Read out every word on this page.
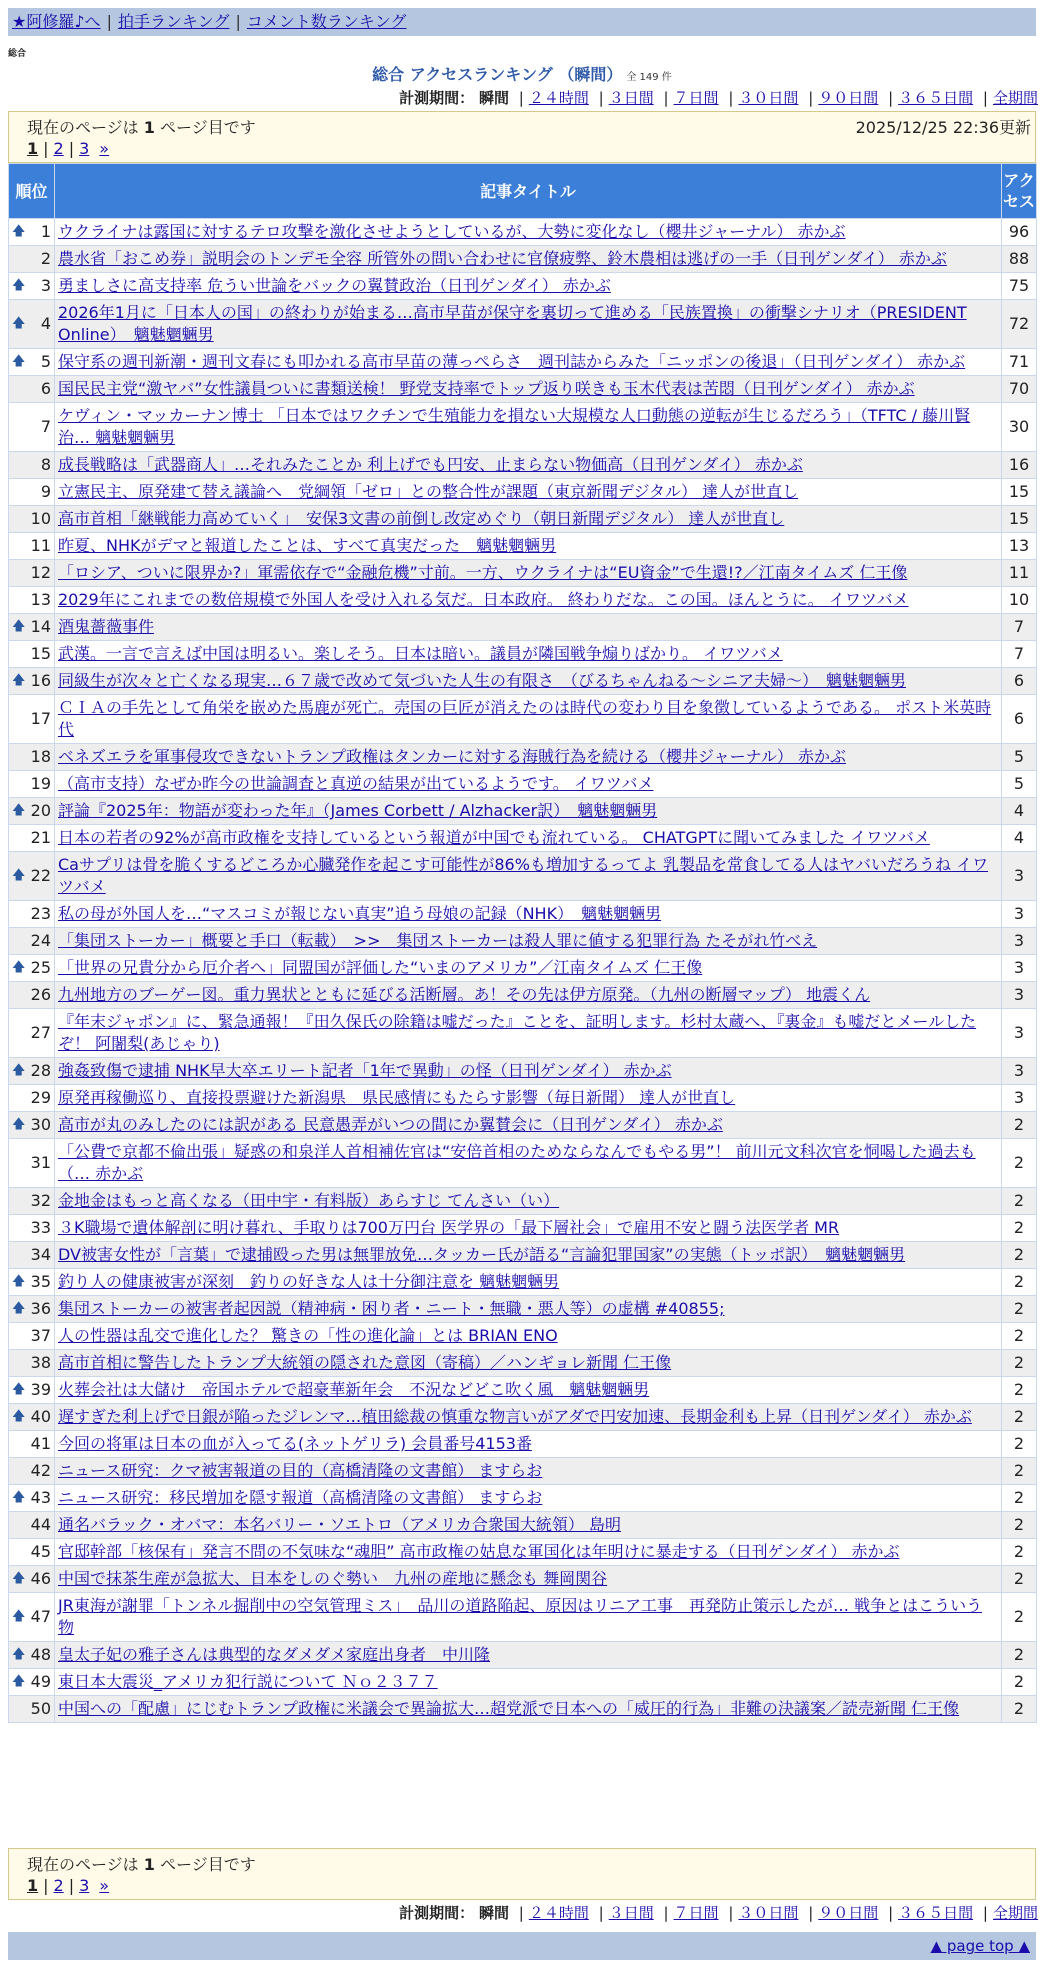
★阿修羅♪へ | 拍手ランキング | コメント数ランキング
総合
総合 アクセスランキング （瞬間） 全 149 件
計測期間： 瞬間 | ２４時間 | ３日間 | ７日間 | ３０日間 | ９０日間 | ３６５日間 | 全期間
現在のページは 1 ページ目です	2025/12/25 22:36更新
1 | 2 | 3 »
順位	記事タイトル	アクセス

🡅 1	ウクライナは露国に対するテロ攻撃を激化させようとしているが、大勢に変化なし（櫻井ジャーナル） 赤かぶ	96
2	農水省「おこめ券」説明会のトンデモ全容 所管外の問い合わせに官僚疲弊、鈴木農相は逃げの一手（日刊ゲンダイ） 赤かぶ	88

🡅 3	勇ましさに高支持率 危うい世論をバックの翼賛政治（日刊ゲンダイ） 赤かぶ	75

🡅 4	2026年1月に「日本人の国」の終わりが始まる…高市早苗が保守を裏切って進める「民族置換」の衝撃シナリオ（PRESIDENT Online）　魑魅魍魎男	72

🡅 5	保守系の週刊新潮・週刊文春にも叩かれる高市早苗の薄っぺらさ　週刊誌からみた「ニッポンの後退」（日刊ゲンダイ） 赤かぶ	71
6	国民民主党“激ヤバ”女性議員ついに書類送検！ 野党支持率でトップ返り咲きも玉木代表は苦悶（日刊ゲンダイ） 赤かぶ	70
7	ケヴィン・マッカーナン博士 「日本ではワクチンで生殖能力を損ない大規模な人口動態の逆転が生じるだろう」（TFTC / 藤川賢治… 魑魅魍魎男	30
8	成長戦略は「武器商人」…それみたことか 利上げでも円安、止まらない物価高（日刊ゲンダイ） 赤かぶ	16
9	立憲民主、原発建て替え議論へ　党綱領「ゼロ」との整合性が課題（東京新聞デジタル） 達人が世直し	15
10	高市首相「継戦能力高めていく」　安保3文書の前倒し改定めぐり（朝日新聞デジタル） 達人が世直し	15
11	昨夏、NHKがデマと報道したことは、すべて真実だった　魑魅魍魎男	13
12	「ロシア、ついに限界か?」軍需依存で“金融危機”寸前。一方、ウクライナは“EU資金”で生還!?／江南タイムズ 仁王像	11
13	2029年にこれまでの数倍規模で外国人を受け入れる気だ。日本政府。 終わりだな。この国。ほんとうに。 イワツバメ	10

🡅 14	酒鬼薔薇事件	7
15	武漢。一言で言えば中国は明るい。楽しそう。日本は暗い。議員が隣国戦争煽りばかり。 イワツバメ	7

🡅 16	同級生が次々と亡くなる現実…６７歳で改めて気づいた人生の有限さ　（びるちゃんねる～シニア夫婦～）　魑魅魍魎男	6
17	ＣＩＡの手先として角栄を嵌めた馬鹿が死亡。売国の巨匠が消えたのは時代の変わり目を象徴しているようである。 ポスト米英時代	6
18	ベネズエラを軍事侵攻できないトランプ政権はタンカーに対する海賊行為を続ける（櫻井ジャーナル） 赤かぶ	5
19	（高市支持）なぜか昨今の世論調査と真逆の結果が出ているようです。 イワツバメ	5

🡅 20	評論『2025年：物語が変わった年』（James Corbett / Alzhacker訳）　魑魅魍魎男	4
21	日本の若者の92%が高市政権を支持しているという報道が中国でも流れている。 CHATGPTに聞いてみました イワツバメ	4

🡅 22	Caサプリは骨を脆くするどころか心臓発作を起こす可能性が86%も増加するってよ 乳製品を常食してる人はヤバいだろうね イワツバメ	3
23	私の母が外国人を…“マスコミが報じない真実”追う母娘の記録（NHK）　魑魅魍魎男	3
24	「集団ストーカー」概要と手口（転載）　>>　集団ストーカーは殺人罪に値する犯罪行為 たそがれ竹べえ	3

🡅 25	「世界の兄貴分から厄介者へ」同盟国が評価した“いまのアメリカ”／江南タイムズ 仁王像	3
26	九州地方のブーゲー図。重力異状とともに延びる活断層。あ！その先は伊方原発。（九州の断層マップ） 地震くん	3
27	『年末ジャポン』に、緊急通報！『田久保氏の除籍は嘘だった』ことを、証明します。杉村太蔵へ、『裏金』も嘘だとメールしたぞ！ 阿闍梨(あじゃり)	3

🡅 28	強姦致傷で逮捕 NHK早大卒エリート記者「1年で異動」の怪（日刊ゲンダイ） 赤かぶ	3
29	原発再稼働巡り、直接投票避けた新潟県　県民感情にもたらす影響（毎日新聞） 達人が世直し	3

🡅 30	高市が丸のみしたのには訳がある 民意愚弄がいつの間にか翼賛会に（日刊ゲンダイ） 赤かぶ	2
31	「公費で京都不倫出張」疑惑の和泉洋人首相補佐官は“安倍首相のためならなんでもやる男”！ 前川元文科次官を恫喝した過去も（… 赤かぶ	2
32	金地金はもっと高くなる（田中宇・有料版）あらすじ てんさい（い）	2
33	３K職場で遺体解剖に明け暮れ、手取りは700万円台 医学界の「最下層社会」で雇用不安と闘う法医学者 MR	2
34	DV被害女性が「言葉」で逮捕殴った男は無罪放免…タッカー氏が語る“言論犯罪国家”の実態（トッポ訳）　魑魅魍魎男	2

🡅 35	釣り人の健康被害が深刻　釣りの好きな人は十分御注意を 魑魅魍魎男	2

🡅 36	集団ストーカーの被害者起因説（精神病・困り者・ニート・無職・悪人等）の虚構 #40855;	2
37	人の性器は乱交で進化した？ 驚きの「性の進化論」とは BRIAN ENO	2
38	高市首相に警告したトランプ大統領の隠された意図（寄稿）／ハンギョレ新聞 仁王像	2

🡅 39	火葬会社は大儲け　帝国ホテルで超豪華新年会　不況などどこ吹く風　魑魅魍魎男	2

🡅 40	遅すぎた利上げで日銀が陥ったジレンマ…植田総裁の慎重な物言いがアダで円安加速、長期金利も上昇（日刊ゲンダイ） 赤かぶ	2
41	今回の将軍は日本の血が入ってる(ネットゲリラ) 会員番号4153番	2
42	ニュース研究：クマ被害報道の目的（高橋清隆の文書館） ますらお	2

🡅 43	ニュース研究：移民増加を隠す報道（高橋清隆の文書館） ますらお	2
44	通名バラック・オバマ：本名バリー・ソエトロ（アメリカ合衆国大統領） 島明	2
45	官邸幹部「核保有」発言不問の不気味な“魂胆” 高市政権の姑息な軍国化は年明けに暴走する（日刊ゲンダイ） 赤かぶ	2

🡅 46	中国で抹茶生産が急拡大、日本をしのぐ勢い　九州の産地に懸念も 舞岡関谷	2

🡅 47	JR東海が謝罪「トンネル掘削中の空気管理ミス」　品川の道路陥起、原因はリニア工事　再発防止策示したが… 戦争とはこういう物	2

🡅 48	皇太子妃の雅子さんは典型的なダメダメ家庭出身者　中川隆	2

🡅 49	東日本大震災_アメリカ犯行説について Ｎｏ２３７７	2
50	中国への「配慮」にじむトランプ政権に米議会で異論拡大…超党派で日本への「威圧的行為」非難の決議案／読売新聞 仁王像	2
現在のページは 1 ページ目です
1 | 2 | 3 »
計測期間： 瞬間 | ２４時間 | ３日間 | ７日間 | ３０日間 | ９０日間 | ３６５日間 | 全期間
▲ page top ▲
